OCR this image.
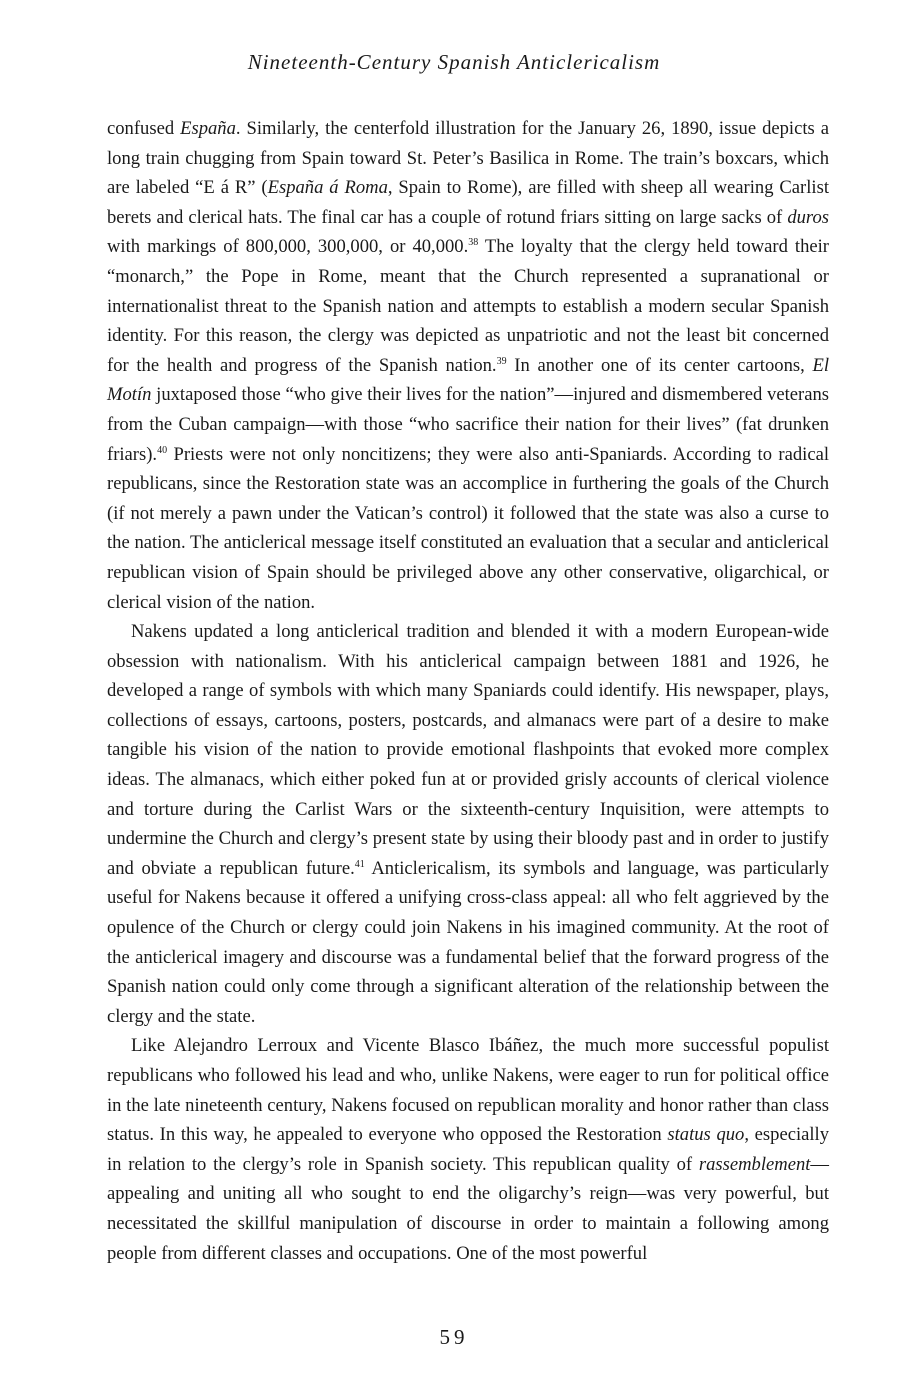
Nineteenth-Century Spanish Anticlericalism

confused España. Similarly, the centerfold illustration for the January 26, 1890, issue depicts a long train chugging from Spain toward St. Peter’s Basilica in Rome. The train’s boxcars, which are labeled “E á R” (España á Roma, Spain to Rome), are filled with sheep all wearing Carlist berets and clerical hats. The final car has a couple of rotund friars sitting on large sacks of duros with markings of 800,000, 300,000, or 40,000.38 The loyalty that the clergy held toward their “monarch,” the Pope in Rome, meant that the Church represented a supranational or internationalist threat to the Spanish nation and attempts to establish a modern secular Spanish identity. For this reason, the clergy was depicted as unpatriotic and not the least bit concerned for the health and progress of the Spanish nation.$^{39}$ In another one of its center cartoons, El Motín juxtaposed those “who give their lives for the nation”—injured and dismembered veterans from the Cuban campaign—with those “who sacrifice their nation for their lives” (fat drunken friars).$^{40}$ Priests were not only noncitizens; they were also anti-Spaniards. According to radical republicans, since the Restoration state was an accomplice in furthering the goals of the Church (if not merely a pawn under the Vatican’s control) it followed that the state was also a curse to the nation. The anticlerical message itself constituted an evaluation that a secular and anticlerical republican vision of Spain should be privileged above any other conservative, oligarchical, or clerical vision of the nation.

Nakens updated a long anticlerical tradition and blended it with a modern European-wide obsession with nationalism. With his anticlerical campaign between 1881 and 1926, he developed a range of symbols with which many Spaniards could identify. His newspaper, plays, collections of essays, cartoons, posters, postcards, and almanacs were part of a desire to make tangible his vision of the nation to provide emotional flashpoints that evoked more complex ideas. The almanacs, which either poked fun at or provided grisly accounts of clerical violence and torture during the Carlist Wars or the sixteenth-century Inquisition, were attempts to undermine the Church and clergy’s present state by using their bloody past and in order to justify and obviate a republican future.$^{41}$ Anticlericalism, its symbols and language, was particularly useful for Nakens because it offered a unifying cross-class appeal: all who felt aggrieved by the opulence of the Church or clergy could join Nakens in his imagined community. At the root of the anticlerical imagery and discourse was a fundamental belief that the forward progress of the Spanish nation could only come through a significant alteration of the relationship between the clergy and the state.

Like Alejandro Lerroux and Vicente Blasco Ibáñez, the much more successful populist republicans who followed his lead and who, unlike Nakens, were eager to run for political office in the late nineteenth century, Nakens focused on republican morality and honor rather than class status. In this way, he appealed to everyone who opposed the Restoration status quo, especially in relation to the clergy’s role in Spanish society. This republican quality of rassemblement—appealing and uniting all who sought to end the oligarchy’s reign—was very powerful, but necessitated the skillful manipulation of discourse in order to maintain a following among people from different classes and occupations. One of the most powerful

59
